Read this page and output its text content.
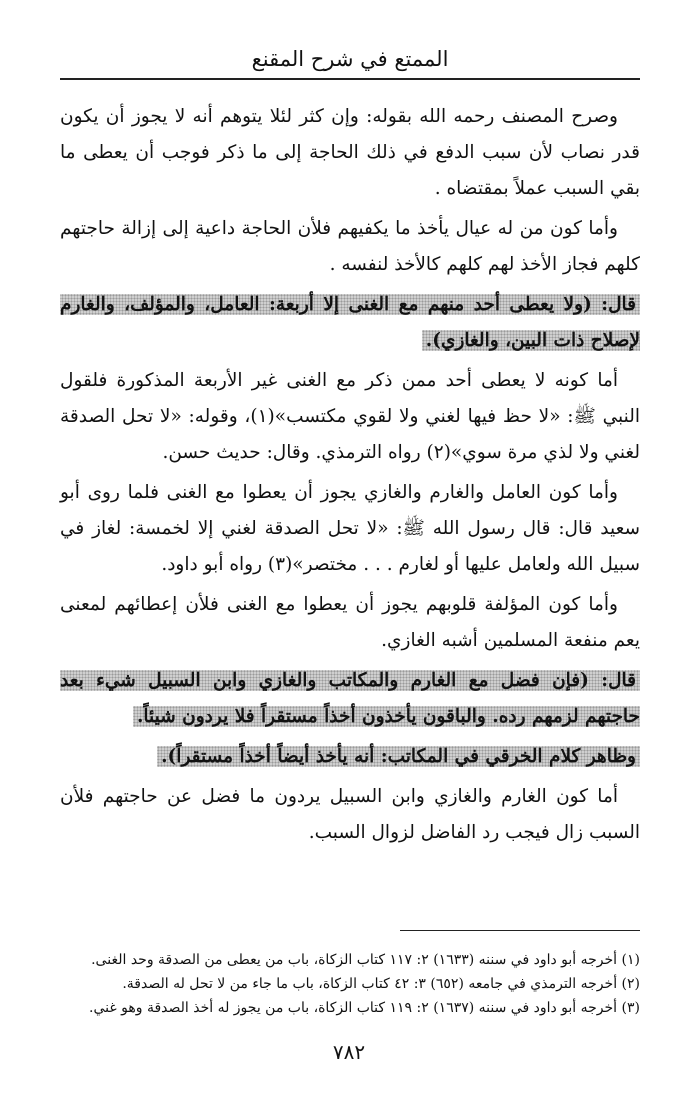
الممتع في شرح المقنع

وصرح المصنف رحمه الله بقوله: وإن كثر لئلا يتوهم أنه لا يجوز أن يكون قدر نصاب لأن سبب الدفع في ذلك الحاجة إلى ما ذكر فوجب أن يعطى ما بقي السبب عملاً بمقتضاه .

وأما كون من له عيال يأخذ ما يكفيهم فلأن الحاجة داعية إلى إزالة حاجتهم كلهم فجاز الأخذ لهم كلهم كالأخذ لنفسه .

قال: (ولا يعطى أحد منهم مع الغنى إلا أربعة: العامل، والمؤلف، والغارم لإصلاح ذات البين، والغازي).

أما كونه لا يعطى أحد ممن ذكر مع الغنى غير الأربعة المذكورة فلقول النبي ﷺ: «لا حظ فيها لغني ولا لقوي مكتسب»(١)، وقوله: «لا تحل الصدقة لغني ولا لذي مرة سوي»(٢) رواه الترمذي. وقال: حديث حسن.

وأما كون العامل والغارم والغازي يجوز أن يعطوا مع الغنى فلما روى أبو سعيد قال: قال رسول الله ﷺ: «لا تحل الصدقة لغني إلا لخمسة: لغاز في سبيل الله ولعامل عليها أو لغارم . . . مختصر»(٣) رواه أبو داود.

وأما كون المؤلفة قلوبهم يجوز أن يعطوا مع الغنى فلأن إعطائهم لمعنى يعم منفعة المسلمين أشبه الغازي.

قال: (فإن فضل مع الغارم والمكاتب والغازي وابن السبيل شيء بعد حاجتهم لزمهم رده. والباقون يأخذون أخذاً مستقراً فلا يردون شيئاً.

وظاهر كلام الخرقي في المكاتب: أنه يأخذ أيضاً أخذاً مستقراً).

أما كون الغارم والغازي وابن السبيل يردون ما فضل عن حاجتهم فلأن السبب زال فيجب رد الفاضل لزوال السبب.

(١) أخرجه أبو داود في سننه (١٦٣٣) ٢: ١١٧ كتاب الزكاة، باب من يعطى من الصدقة وحد الغنى.
(٢) أخرجه الترمذي في جامعه (٦٥٢) ٣: ٤٢ كتاب الزكاة، باب ما جاء من لا تحل له الصدقة.
(٣) أخرجه أبو داود في سننه (١٦٣٧) ٢: ١١٩ كتاب الزكاة، باب من يجوز له أخذ الصدقة وهو غني.
٧٨٢
